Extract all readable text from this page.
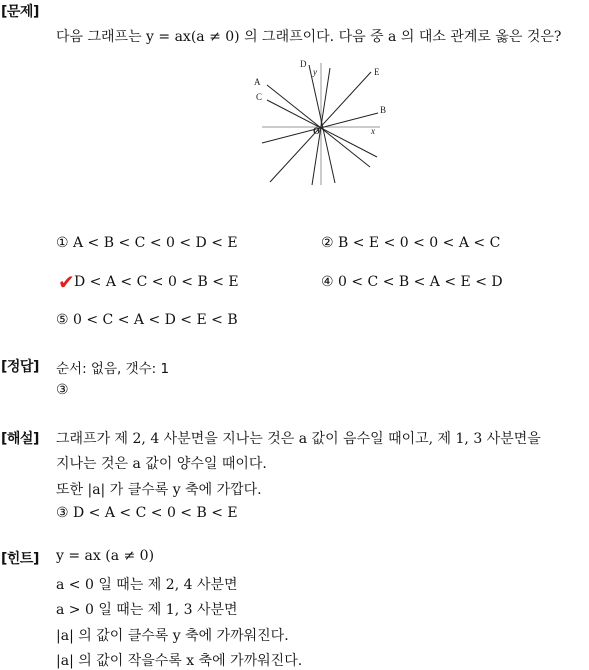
[문제]
다음 그래프는 y = ax(a ≠ 0) 의 그래프이다. 다음 중 a 의 대소 관계로 옳은 것은?
A
B
C
D
E
y
x
O
① A < B < C < 0 < D < E	② B < E < 0 < 0 < A < C
D < A < C < 0 < B < E
✔	④ 0 < C < B < A < E < D
⑤ 0 < C < A < D < E < B
[정답] 순서: 없음, 갯수: 1
③
[해설] 그래프가 제 2, 4 사분면을 지나는 것은 a 값이 음수일 때이고, 제 1, 3 사분면을
지나는 것은 a 값이 양수일 때이다.
또한 |a| 가 클수록 y 축에 가깝다.
③ D < A < C < 0 < B < E
[힌트] y = ax (a ≠ 0)
a < 0 일 때는 제 2, 4 사분면
a > 0 일 때는 제 1, 3 사분면
|a| 의 값이 클수록 y 축에 가까워진다.
|a| 의 값이 작을수록 x 축에 가까워진다.
